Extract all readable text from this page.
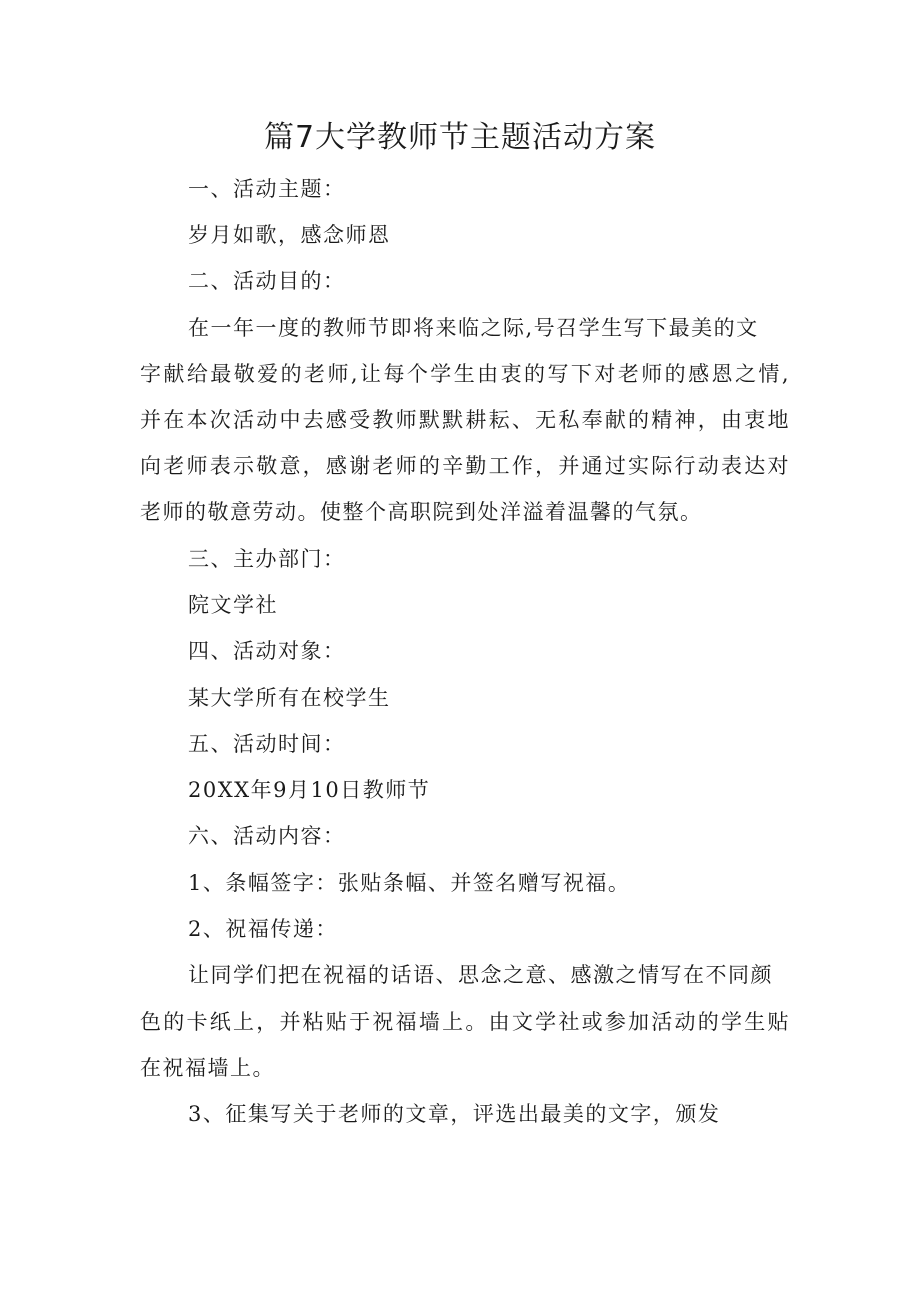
篇7大学教师节主题活动方案
一、活动主题：
岁月如歌，感念师恩
二、活动目的：
在一年一度的教师节即将来临之际,号召学生写下最美的文
字献给最敬爱的老师,让每个学生由衷的写下对老师的感恩之情,
并在本次活动中去感受教师默默耕耘、无私奉献的精神，由衷地
向老师表示敬意，感谢老师的辛勤工作，并通过实际行动表达对
老师的敬意劳动。使整个高职院到处洋溢着温馨的气氛。
三、主办部门：
院文学社
四、活动对象：
某大学所有在校学生
五、活动时间：
20XX年9月10日教师节
六、活动内容：
1、条幅签字：张贴条幅、并签名赠写祝福。
2、祝福传递：
让同学们把在祝福的话语、思念之意、感激之情写在不同颜
色的卡纸上，并粘贴于祝福墙上。由文学社或参加活动的学生贴
在祝福墙上。
3、征集写关于老师的文章，评选出最美的文字，颁发
